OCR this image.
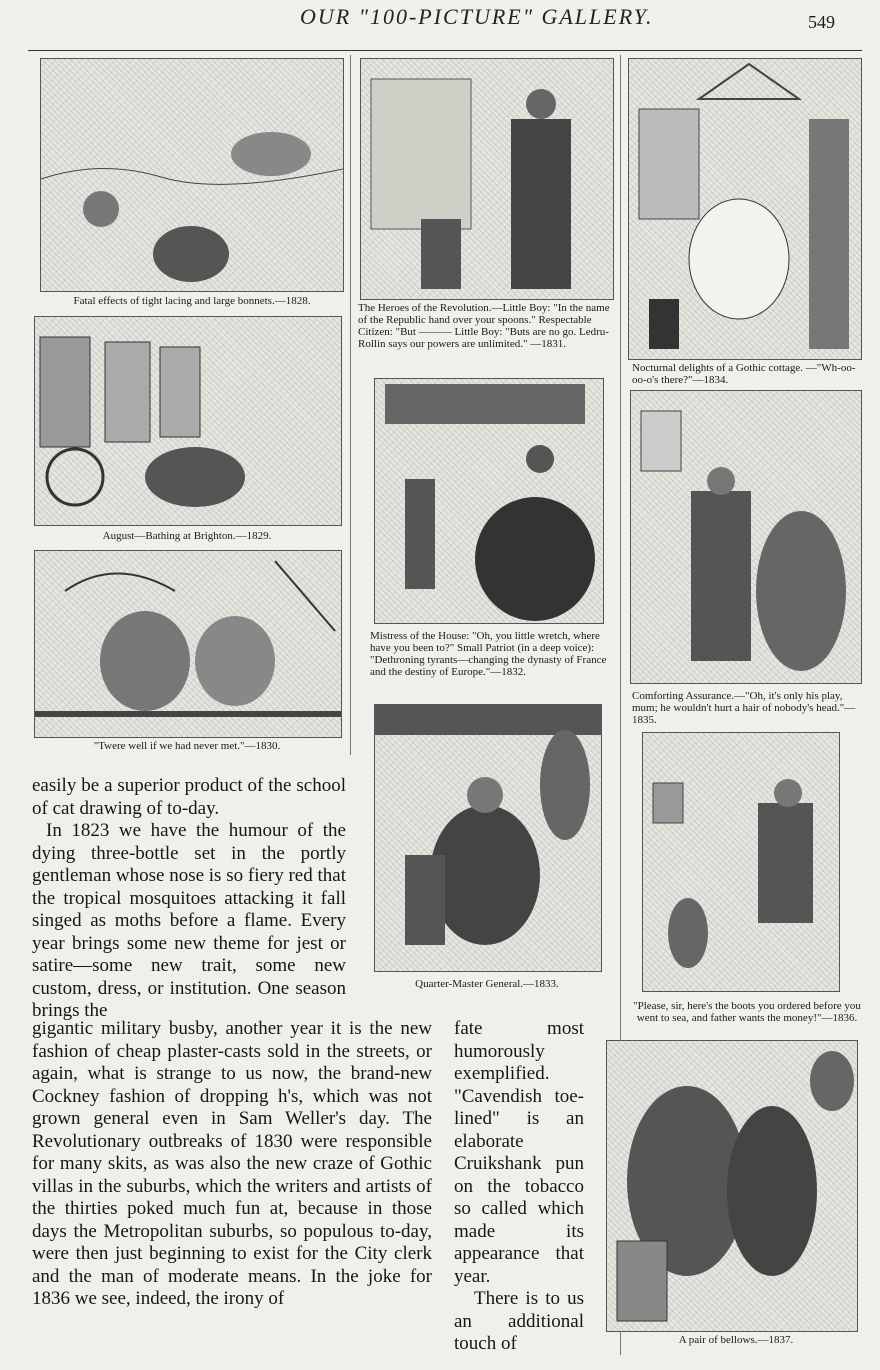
OUR "100-PICTURE" GALLERY.	549
Fatal effects of tight lacing and large bonnets.—1828.
The Heroes of the Revolution.—Little Boy: "In the name of the Republic hand over your spoons." Respectable Citizen: "But ——— Little Boy: "Buts are no go. Ledru-Rollin says our powers are unlimited." —1831.
Nocturnal delights of a Gothic cottage. —"Wh-oo-oo-o's there?"—1834.
August—Bathing at Brighton.—1829.
Mistress of the House: "Oh, you little wretch, where have you been to?" Small Patriot (in a deep voice): "Dethroning tyrants—changing the dynasty of France and the destiny of Europe."—1832.
Comforting Assurance.—"Oh, it's only his play, mum; he wouldn't hurt a hair of nobody's head."—1835.
"Twere well if we had never met."—1830.
Quarter-Master General.—1833.
"Please, sir, here's the boots you ordered before you went to sea, and father wants the money!"—1836.
A pair of bellows.—1837.

easily be a superior product of the school of cat drawing of to-day.

In 1823 we have the humour of the dying three-bottle set in the portly gentleman whose nose is so fiery red that the tropical mosquitoes attacking it fall singed as moths before a flame. Every year brings some new theme for jest or satire—some new trait, some new custom, dress, or institution. One season brings the

gigantic military busby, another year it is the new fashion of cheap plaster-casts sold in the streets, or again, what is strange to us now, the brand-new Cockney fashion of dropping h's, which was not grown general even in Sam Weller's day. The Revolutionary outbreaks of 1830 were responsible for many skits, as was also the new craze of Gothic villas in the suburbs, which the writers and artists of the thirties poked much fun at, because in those days the Metropolitan suburbs, so populous to-day, were then just beginning to exist for the City clerk and the man of moderate means. In the joke for 1836 we see, indeed, the irony of

fate most humorously exemplified. "Cavendish toe-lined" is an elaborate Cruikshank pun on the tobacco so called which made its appearance that year.

There is to us an additional touch of
